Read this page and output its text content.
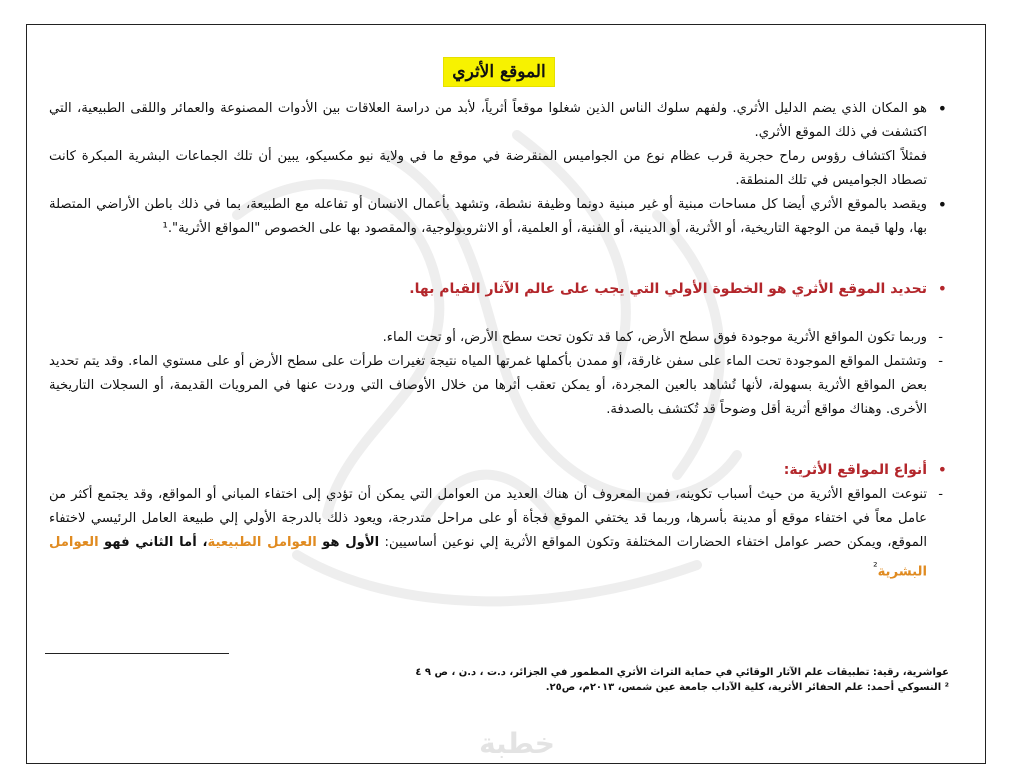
الموقع الأثري
• هو المكان الذي يضم الدليل الأثري. ولفهم سلوك الناس الذين شغلوا موقعاً أثرياً، لأبد من دراسة العلاقات بين الأدوات المصنوعة والعمائر واللقى الطبيعية، التي اكتشفت في ذلك الموقع الأثري.
فمثلاً اكتشاف رؤوس رماح حجرية قرب عظام نوع من الجواميس المنقرضة في موقع ما في ولاية نيو مكسيكو، يبين أن تلك الجماعات البشرية المبكرة كانت تصطاد الجواميس في تلك المنطقة.
• ويقصد بالموقع الأثري أيضا كل مساحات مبنية أو غير مبنية دونما وظيفة نشطة، وتشهد بأعمال الانسان أو تفاعله مع الطبيعة، بما في ذلك باطن الأراضي المتصلة بها، ولها قيمة من الوجهة التاريخية، أو الأثرية، أو الدينية، أو الفنية، أو العلمية، أو الانثروبولوجية، والمقصود بها على الخصوص "المواقع الأثرية".¹
• تحديد الموقع الأثري هو الخطوة الأولي التي يجب على عالم الآثار القيام بها.
- وربما تكون المواقع الأثرية موجودة فوق سطح الأرض، كما قد تكون تحت سطح الأرض، أو تحت الماء.
- وتشتمل المواقع الموجودة تحت الماء على سفن غارقة، أو ممدن بأكملها غمرتها المياه نتيجة تغيرات طرأت على سطح الأرض أو على مستوي الماء. وقد يتم تحديد بعض المواقع الأثرية بسهولة، لأنها تُشاهد بالعين المجردة، أو يمكن تعقب أثرها من خلال الأوصاف التي وردت عنها في المرويات القديمة، أو السجلات التاريخية الأخرى. وهناك مواقع أثرية أقل وضوحاً قد تُكتشف بالصدفة.
• أنواع المواقع الأثرية:
- تنوعت المواقع الأثرية من حيث أسباب تكوينه، فمن المعروف أن هناك العديد من العوامل التي يمكن أن تؤدي إلى اختفاء المباني أو المواقع، وقد يجتمع أكثر من عامل معاً في اختفاء موقع أو مدينة بأسرها، وربما قد يختفي الموقع فجأة أو على مراحل متدرجة، ويعود ذلك بالدرجة الأولي إلي طبيعة العامل الرئيسي لاختفاء الموقع، ويمكن حصر عوامل اختفاء الحضارات المختلفة وتكون المواقع الأثرية إلي نوعين أساسيين: الأول هو العوامل الطبيعية، أما الثاني فهو العوامل البشرية$^{^2}$
عواشرية، رقية: تطبيقات علم الآثار الوقائي في حماية التراث الأثري المطمور في الجزائر، د.ت ، د.ن ، ص ٩ ٤
² النسوكي أحمد: علم الحفائر الأثرية، كلية الآداب جامعة عين شمس، ٢٠١٣م، ص٢٥.
خطبة
